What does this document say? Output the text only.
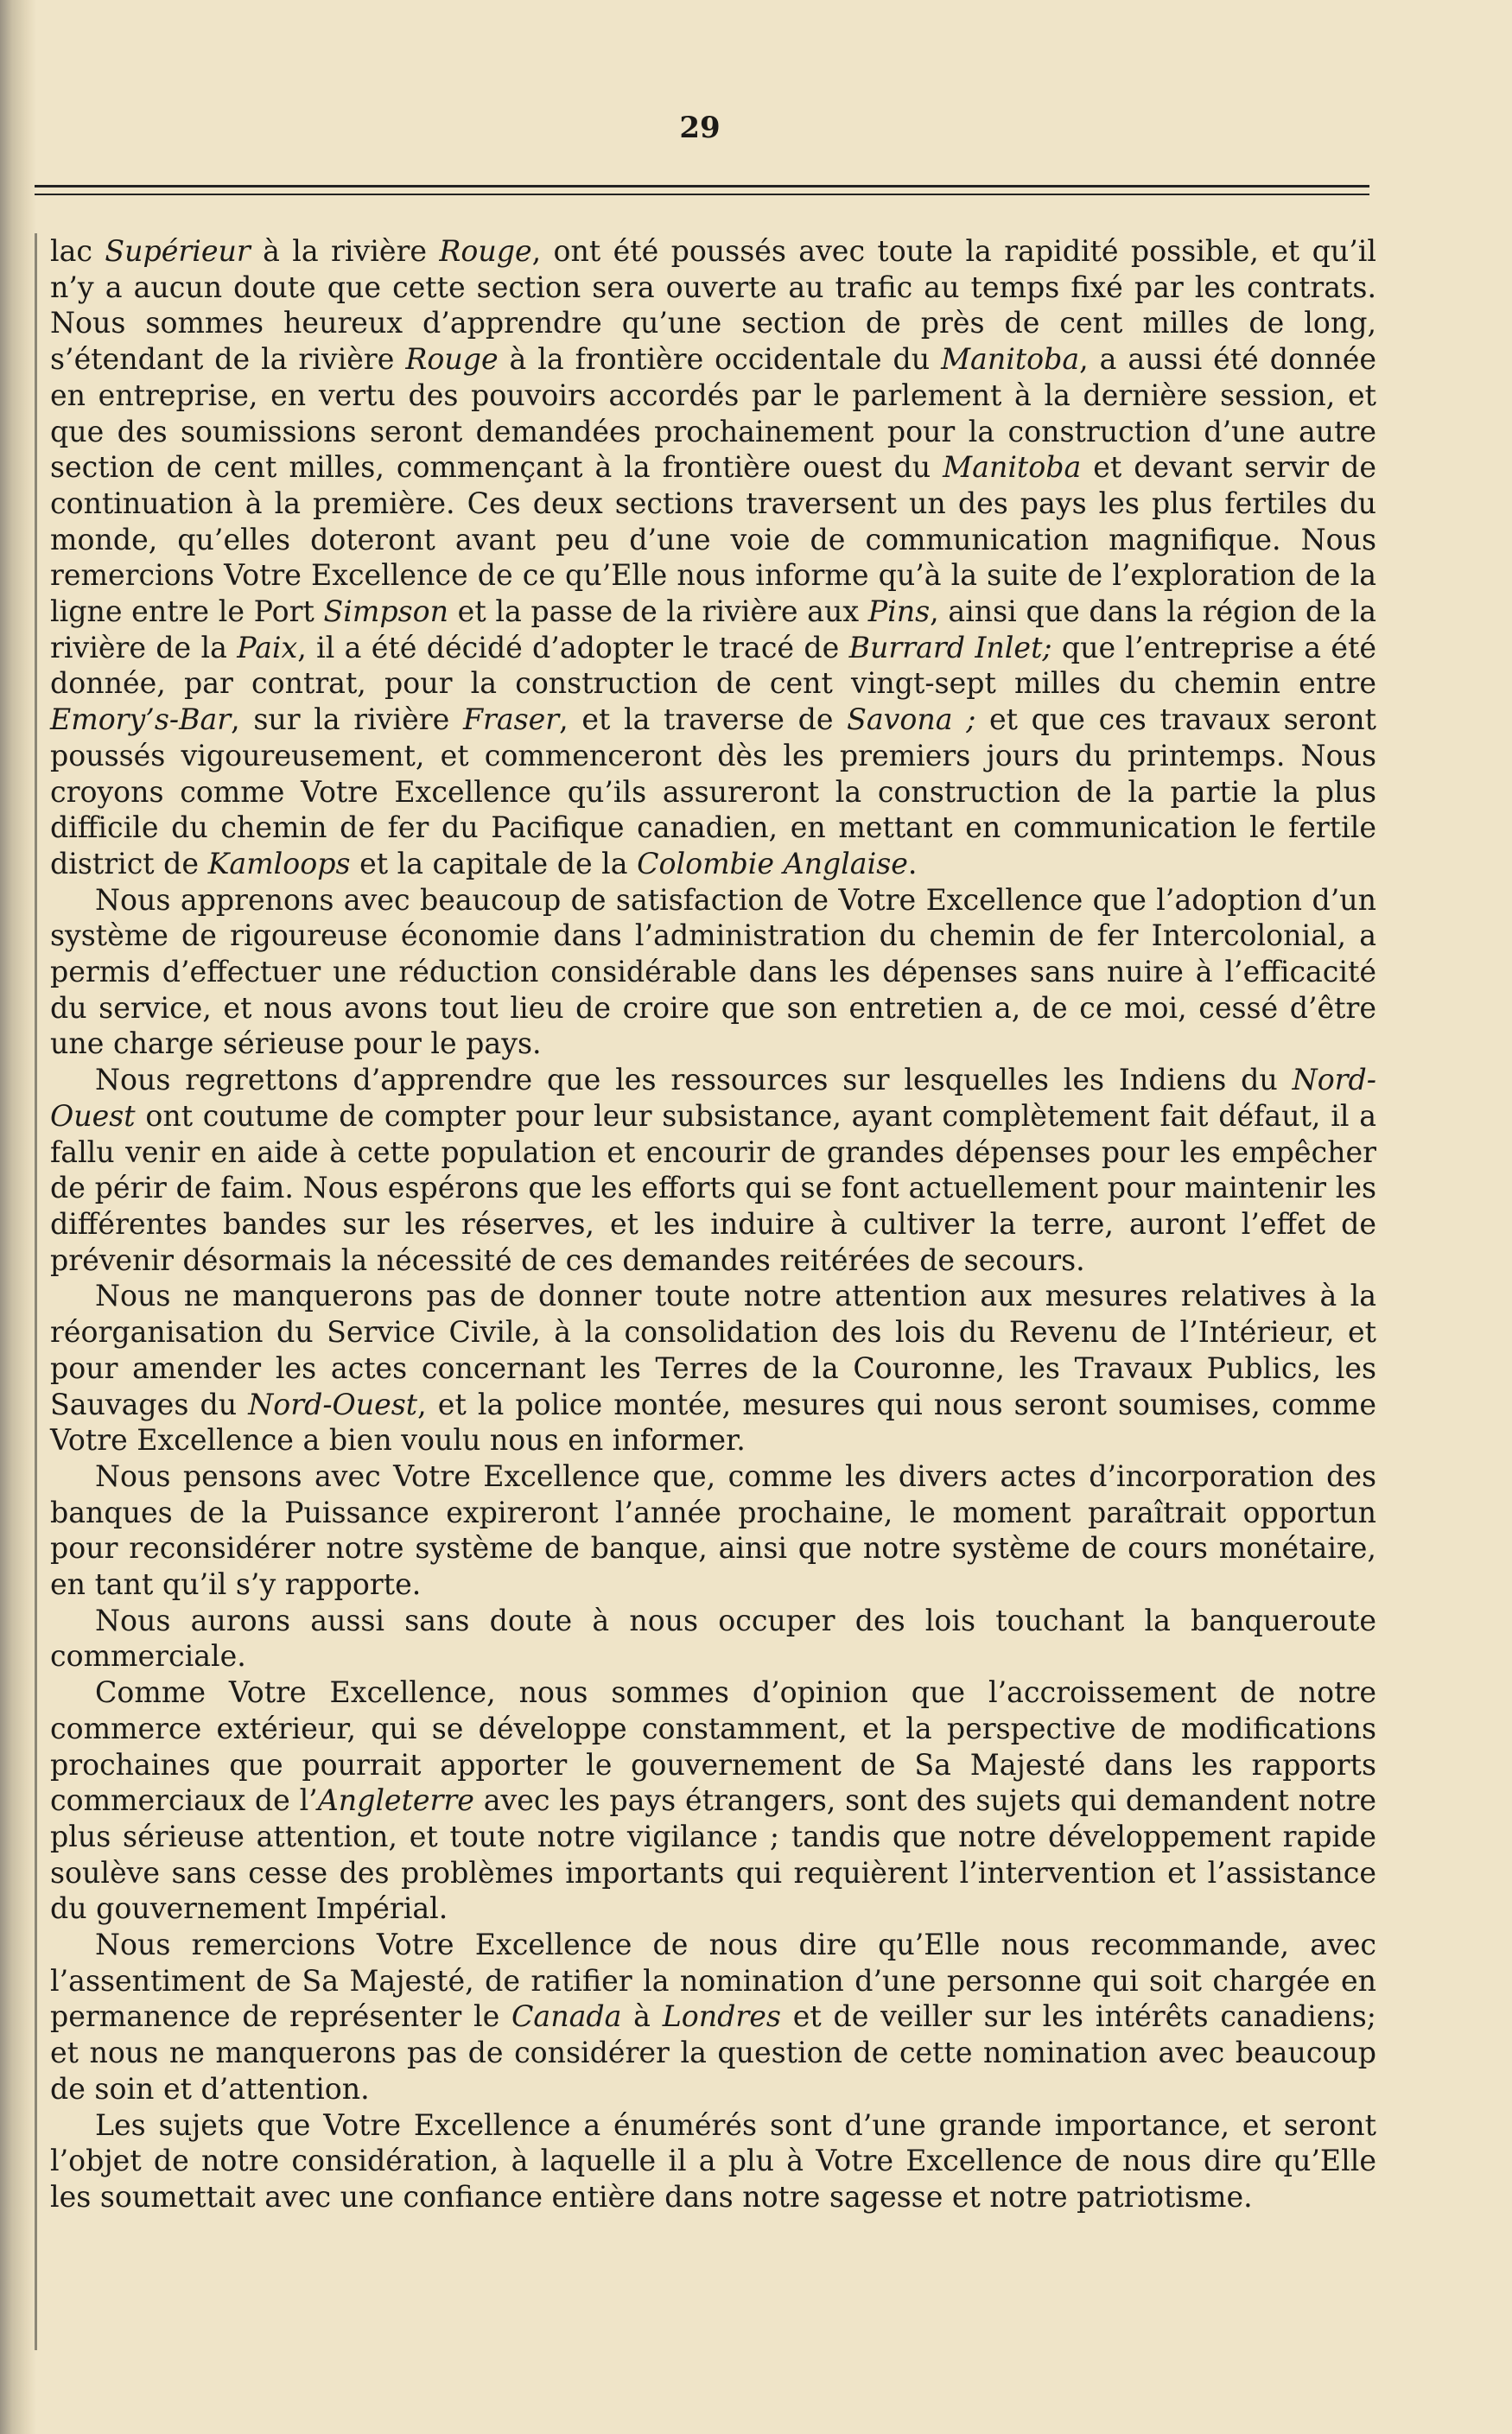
29

lac Supérieur à la rivière Rouge, ont été poussés avec toute la rapidité possible, et qu’il n’y a aucun doute que cette section sera ouverte au trafic au temps fixé par les contrats. Nous sommes heureux d’apprendre qu’une section de près de cent milles de long, s’étendant de la rivière Rouge à la frontière occidentale du Manitoba, a aussi été donnée en entreprise, en vertu des pouvoirs accordés par le parlement à la dernière session, et que des soumissions seront demandées prochainement pour la construction d’une autre section de cent milles, commençant à la frontière ouest du Manitoba et devant servir de continuation à la première. Ces deux sections traversent un des pays les plus fertiles du monde, qu’elles doteront avant peu d’une voie de communication magnifique. Nous remercions Votre Excellence de ce qu’Elle nous informe qu’à la suite de l’exploration de la ligne entre le Port Simpson et la passe de la rivière aux Pins, ainsi que dans la région de la rivière de la Paix, il a été décidé d’adopter le tracé de Burrard Inlet; que l’entreprise a été donnée, par contrat, pour la construction de cent vingt-sept milles du chemin entre Emory’s-Bar, sur la rivière Fraser, et la traverse de Savona ; et que ces travaux seront poussés vigoureusement, et commenceront dès les premiers jours du printemps. Nous croyons comme Votre Excellence qu’ils assureront la construction de la partie la plus difficile du chemin de fer du Pacifique canadien, en mettant en communication le fertile district de Kamloops et la capitale de la Colombie Anglaise.

Nous apprenons avec beaucoup de satisfaction de Votre Excellence que l’adoption d’un système de rigoureuse économie dans l’administration du chemin de fer Intercolonial, a permis d’effectuer une réduction considérable dans les dépenses sans nuire à l’efficacité du service, et nous avons tout lieu de croire que son entretien a, de ce moi, cessé d’être une charge sérieuse pour le pays.

Nous regrettons d’apprendre que les ressources sur lesquelles les Indiens du Nord-Ouest ont coutume de compter pour leur subsistance, ayant complètement fait défaut, il a fallu venir en aide à cette population et encourir de grandes dépenses pour les empêcher de périr de faim. Nous espérons que les efforts qui se font actuellement pour maintenir les différentes bandes sur les réserves, et les induire à cultiver la terre, auront l’effet de prévenir désormais la nécessité de ces demandes reitérées de secours.

Nous ne manquerons pas de donner toute notre attention aux mesures relatives à la réorganisation du Service Civile, à la consolidation des lois du Revenu de l’Intérieur, et pour amender les actes concernant les Terres de la Couronne, les Travaux Publics, les Sauvages du Nord-Ouest, et la police montée, mesures qui nous seront soumises, comme Votre Excellence a bien voulu nous en informer.

Nous pensons avec Votre Excellence que, comme les divers actes d’incorporation des banques de la Puissance expireront l’année prochaine, le moment paraîtrait opportun pour reconsidérer notre système de banque, ainsi que notre système de cours monétaire, en tant qu’il s’y rapporte.

Nous aurons aussi sans doute à nous occuper des lois touchant la banqueroute commerciale.

Comme Votre Excellence, nous sommes d’opinion que l’accroissement de notre commerce extérieur, qui se développe constamment, et la perspective de modifications prochaines que pourrait apporter le gouvernement de Sa Majesté dans les rapports commerciaux de l’Angleterre avec les pays étrangers, sont des sujets qui demandent notre plus sérieuse attention, et toute notre vigilance ; tandis que notre développement rapide soulève sans cesse des problèmes importants qui requièrent l’intervention et l’assistance du gouvernement Impérial.

Nous remercions Votre Excellence de nous dire qu’Elle nous recommande, avec l’assentiment de Sa Majesté, de ratifier la nomination d’une personne qui soit chargée en permanence de représenter le Canada à Londres et de veiller sur les intérêts canadiens; et nous ne manquerons pas de considérer la question de cette nomination avec beaucoup de soin et d’attention.

Les sujets que Votre Excellence a énumérés sont d’une grande importance, et seront l’objet de notre considération, à laquelle il a plu à Votre Excellence de nous dire qu’Elle les soumettait avec une confiance entière dans notre sagesse et notre patriotisme.
